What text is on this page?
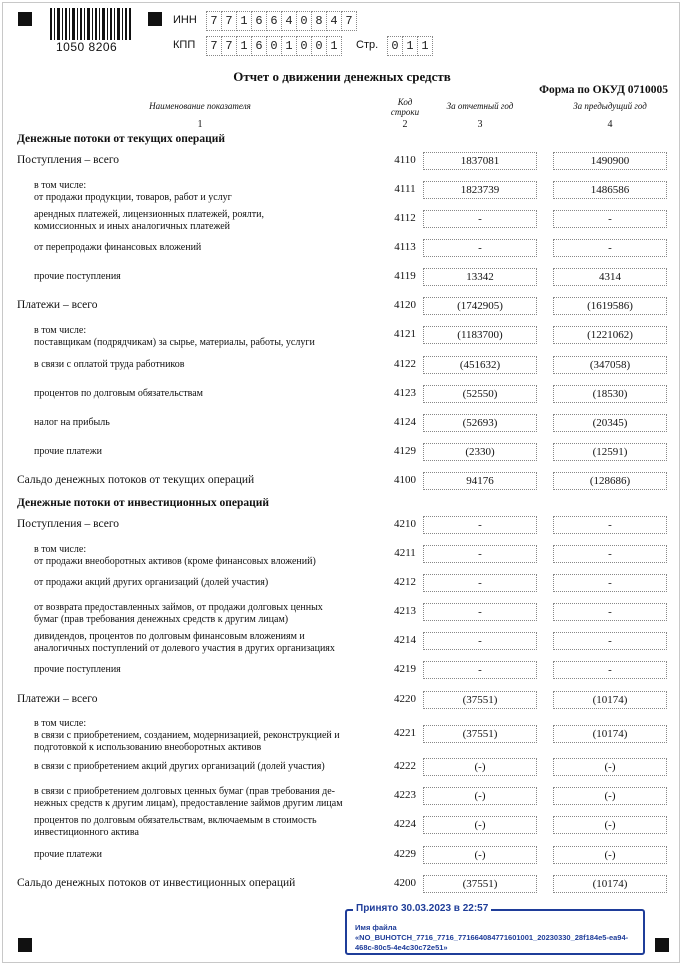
1050 8206
ИНН	7 7 1 6 6 4 0 8 4 7
КПП	7 7 1 6 0 1 0 0 1	Стр.	0 1 1
Отчет о движении денежных средств
Форма по ОКУД 0710005
Наименование показателя	Код строки
За отчетный год	За предыдущий год
1	2	3	4
Денежные потоки от текущих операций
Денежные потоки от инвестиционных операций
Поступления – всего	4110	1837081	1490900
в том числе:
от продажи продукции, товаров, работ и услуг
4111	1823739	1486586
арендных платежей, лицензионных платежей, роялти,
комиссионных и иных аналогичных платежей
4112	-	-
от перепродажи финансовых вложений	4113	-	-
прочие поступления	4119	13342	4314
Платежи – всего	4120	(1742905)	(1619586)
в том числе:
поставщикам (подрядчикам) за сырье, материалы, работы, услуги
4121	(1183700)	(1221062)
в связи с оплатой труда работников	4122	(451632)	(347058)
процентов по долговым обязательствам	4123	(52550)	(18530)
налог на прибыль	4124	(52693)	(20345)
прочие платежи	4129	(2330)	(12591)
Сальдо денежных потоков от текущих операций	4100	94176	(128686)
Поступления – всего	4210	-	-
в том числе:
от продажи внеоборотных активов (кроме финансовых вложений)
4211	-	-
от продажи акций других организаций (долей участия)	4212	-	-
от возврата предоставленных займов, от продажи долговых ценных
бумаг (прав требования денежных средств к другим лицам)
4213	-	-
дивидендов, процентов по долговым финансовым вложениям и
аналогичных поступлений от долевого участия в других организациях
4214	-	-
прочие поступления	4219	-	-
Платежи – всего	4220	(37551)	(10174)
в том числе:
в связи с приобретением, созданием, модернизацией, реконструкцией и
подготовкой к использованию внеоборотных активов
4221	(37551)	(10174)
в связи с приобретением акций других организаций (долей участия)	4222	(-)	(-)
в связи с приобретением долговых ценных бумаг (прав требования де-
нежных средств к другим лицам), предоставление займов другим лицам
4223	(-)	(-)
процентов по долговым обязательствам, включаемым в стоимость
инвестиционного актива
4224	(-)	(-)
прочие платежи	4229	(-)	(-)
Сальдо денежных потоков от инвестиционных операций	4200	(37551)	(10174)
Принято 30.03.2023 в 22:57
Имя файла «NO_BUHOTCH_7716_7716_771664084771601001_20230330_28f184e5-ea94-468c-80c5-4e4c30c72e51»
